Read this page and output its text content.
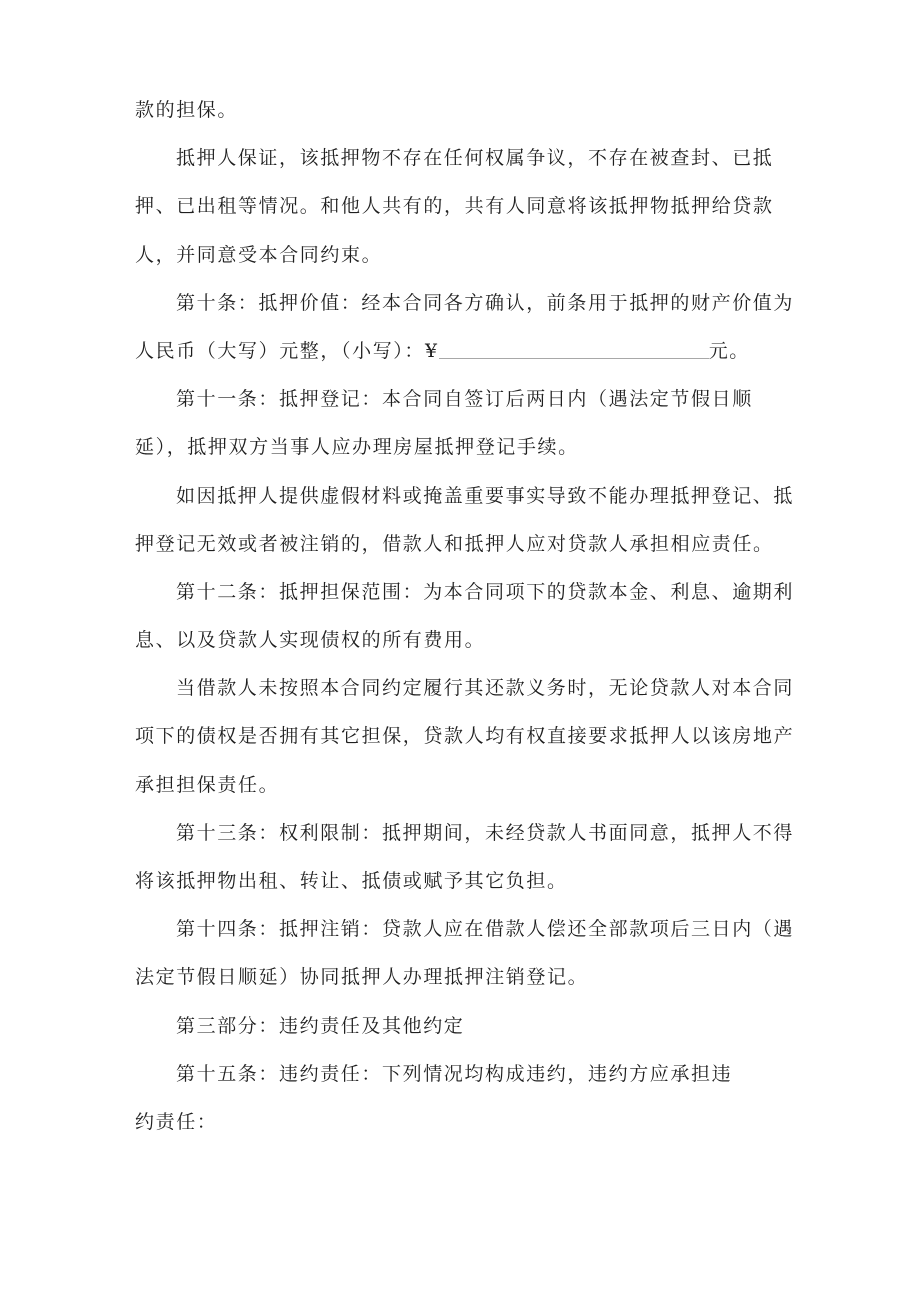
款的担保。
抵押人保证，该抵押物不存在任何权属争议，不存在被查封、已抵
押、已出租等情况。和他人共有的，共有人同意将该抵押物抵押给贷款
人，并同意受本合同约束。
第十条：抵押价值：经本合同各方确认，前条用于抵押的财产价值为
人民币（大写）元整，（小写）：¥	元。
第十一条：抵押登记：本合同自签订后两日内（遇法定节假日顺
延），抵押双方当事人应办理房屋抵押登记手续。
如因抵押人提供虚假材料或掩盖重要事实导致不能办理抵押登记、抵
押登记无效或者被注销的，借款人和抵押人应对贷款人承担相应责任。
第十二条：抵押担保范围：为本合同项下的贷款本金、利息、逾期利
息、以及贷款人实现债权的所有费用。
当借款人未按照本合同约定履行其还款义务时，无论贷款人对本合同
项下的债权是否拥有其它担保，贷款人均有权直接要求抵押人以该房地产
承担担保责任。
第十三条：权利限制：抵押期间，未经贷款人书面同意，抵押人不得
将该抵押物出租、转让、抵债或赋予其它负担。
第十四条：抵押注销：贷款人应在借款人偿还全部款项后三日内（遇
法定节假日顺延）协同抵押人办理抵押注销登记。
第三部分：违约责任及其他约定
第十五条：违约责任：下列情况均构成违约，违约方应承担违
约责任：
